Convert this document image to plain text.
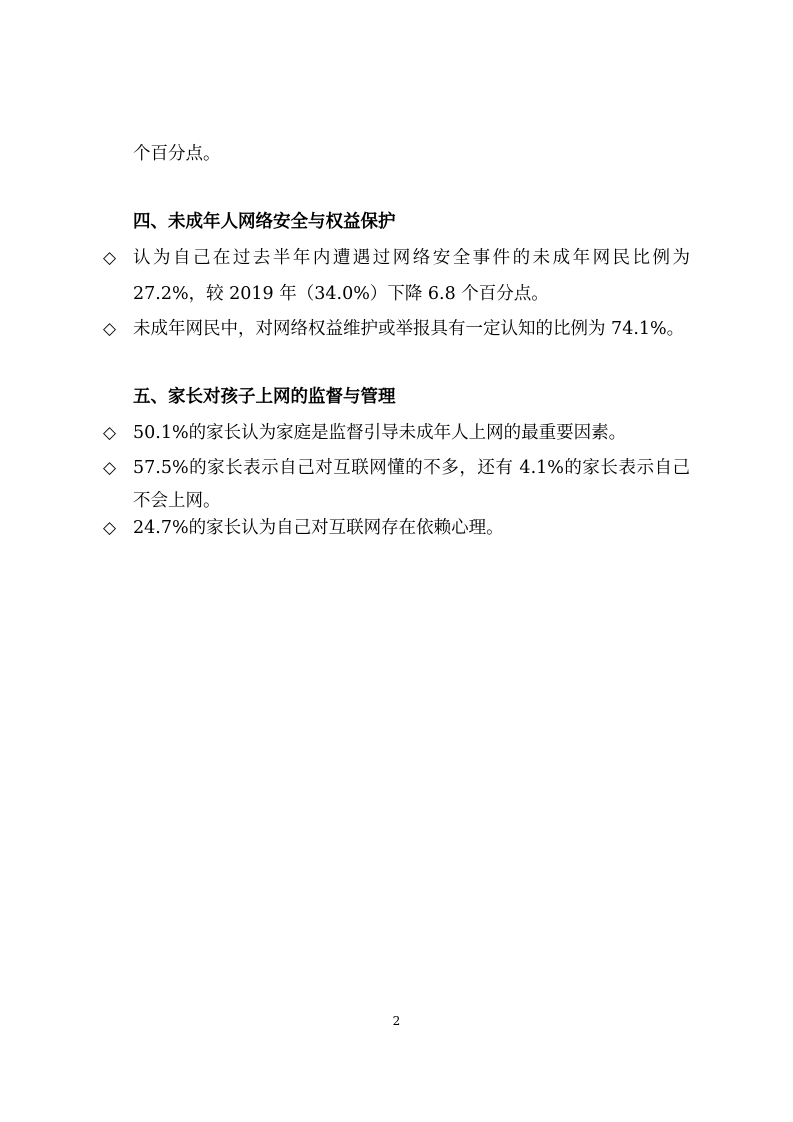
个百分点。
四、未成年人网络安全与权益保护
◇ 认为自己在过去半年内遭遇过网络安全事件的未成年网民比例为
27.2%，较 2019 年（34.0%）下降 6.8 个百分点。
◇ 未成年网民中，对网络权益维护或举报具有一定认知的比例为 74.1%。
五、家长对孩子上网的监督与管理
◇ 50.1%的家长认为家庭是监督引导未成年人上网的最重要因素。
◇ 57.5%的家长表示自己对互联网懂的不多，还有 4.1%的家长表示自己
不会上网。
◇ 24.7%的家长认为自己对互联网存在依赖心理。
2
